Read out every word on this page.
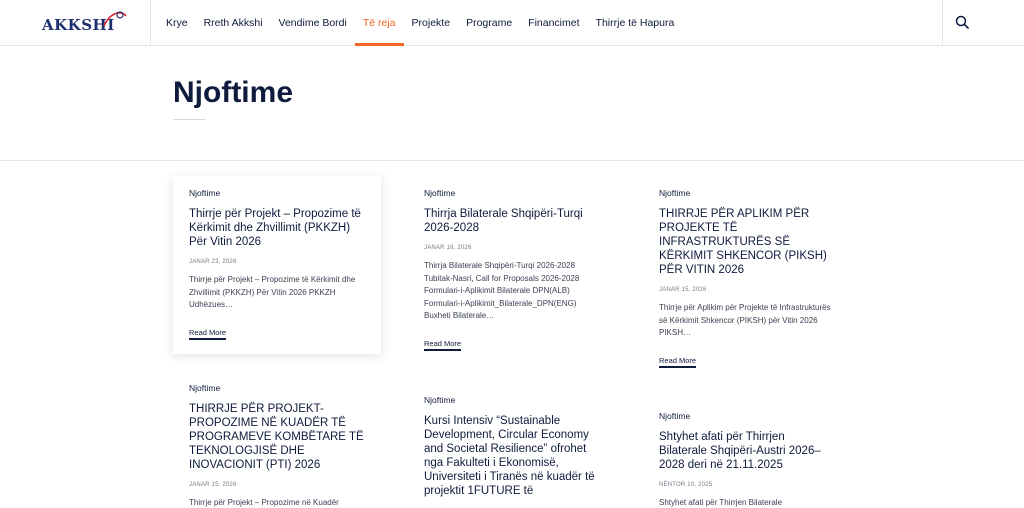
AKKSHI	Krye	Rreth Akkshi	Vendime Bordi	Të reja	Projekte	Programe	Financimet	Thirrje të Hapura
Njoftime
Njoftime
Thirrje për Projekt – Propozime të Kërkimit dhe Zhvillimit (PKKZH) Për Vitin 2026
JANAR 23, 2026
Thirrje për Projekt – Propozime të Kërkimit dhe Zhvillimit (PKKZH) Për Vitin 2026 PKKZH Udhëzues…
Read More
Njoftime
Thirrja Bilaterale Shqipëri-Turqi 2026-2028
JANAR 16, 2026
Thirrja Bilaterale Shqipëri-Turqi 2026-2028 Tubitak-Nasri, Call for Proposals 2026-2028 Formulari-i-Aplikimit Bilaterale DPN(ALB) Formulari-i-Aplikimit_Bilaterale_DPN(ENG) Buxheti Bilaterale…
Read More
Njoftime
THIRRJE PËR APLIKIM PËR PROJEKTE TË INFRASTRUKTURËS SË KËRKIMIT SHKENCOR (PIKSH) PËR VITIN 2026
JANAR 15, 2026
Thirrje për Aplikim për Projekte të Infrastrukturës së Kërkimit Shkencor (PIKSH) për Vitin 2026 PIKSH…
Read More
Njoftime
THIRRJE PËR PROJEKT-PROPOZIME NË KUADËR TË PROGRAMEVE KOMBËTARE TË TEKNOLOGJISË DHE INOVACIONIT (PTI) 2026
JANAR 15, 2026
Thirrje për Projekt – Propozime në Kuadër
Njoftime
Kursi Intensiv “Sustainable Development, Circular Economy and Societal Resilience” ofrohet nga Fakulteti i Ekonomisë, Universiteti i Tiranës në kuadër të projektit 1FUTURE të
Njoftime
Shtyhet afati për Thirrjen Bilaterale Shqipëri-Austri 2026–2028 deri në 21.11.2025
NËNTOR 10, 2025
Shtyhet afati për Thirrjen Bilaterale
